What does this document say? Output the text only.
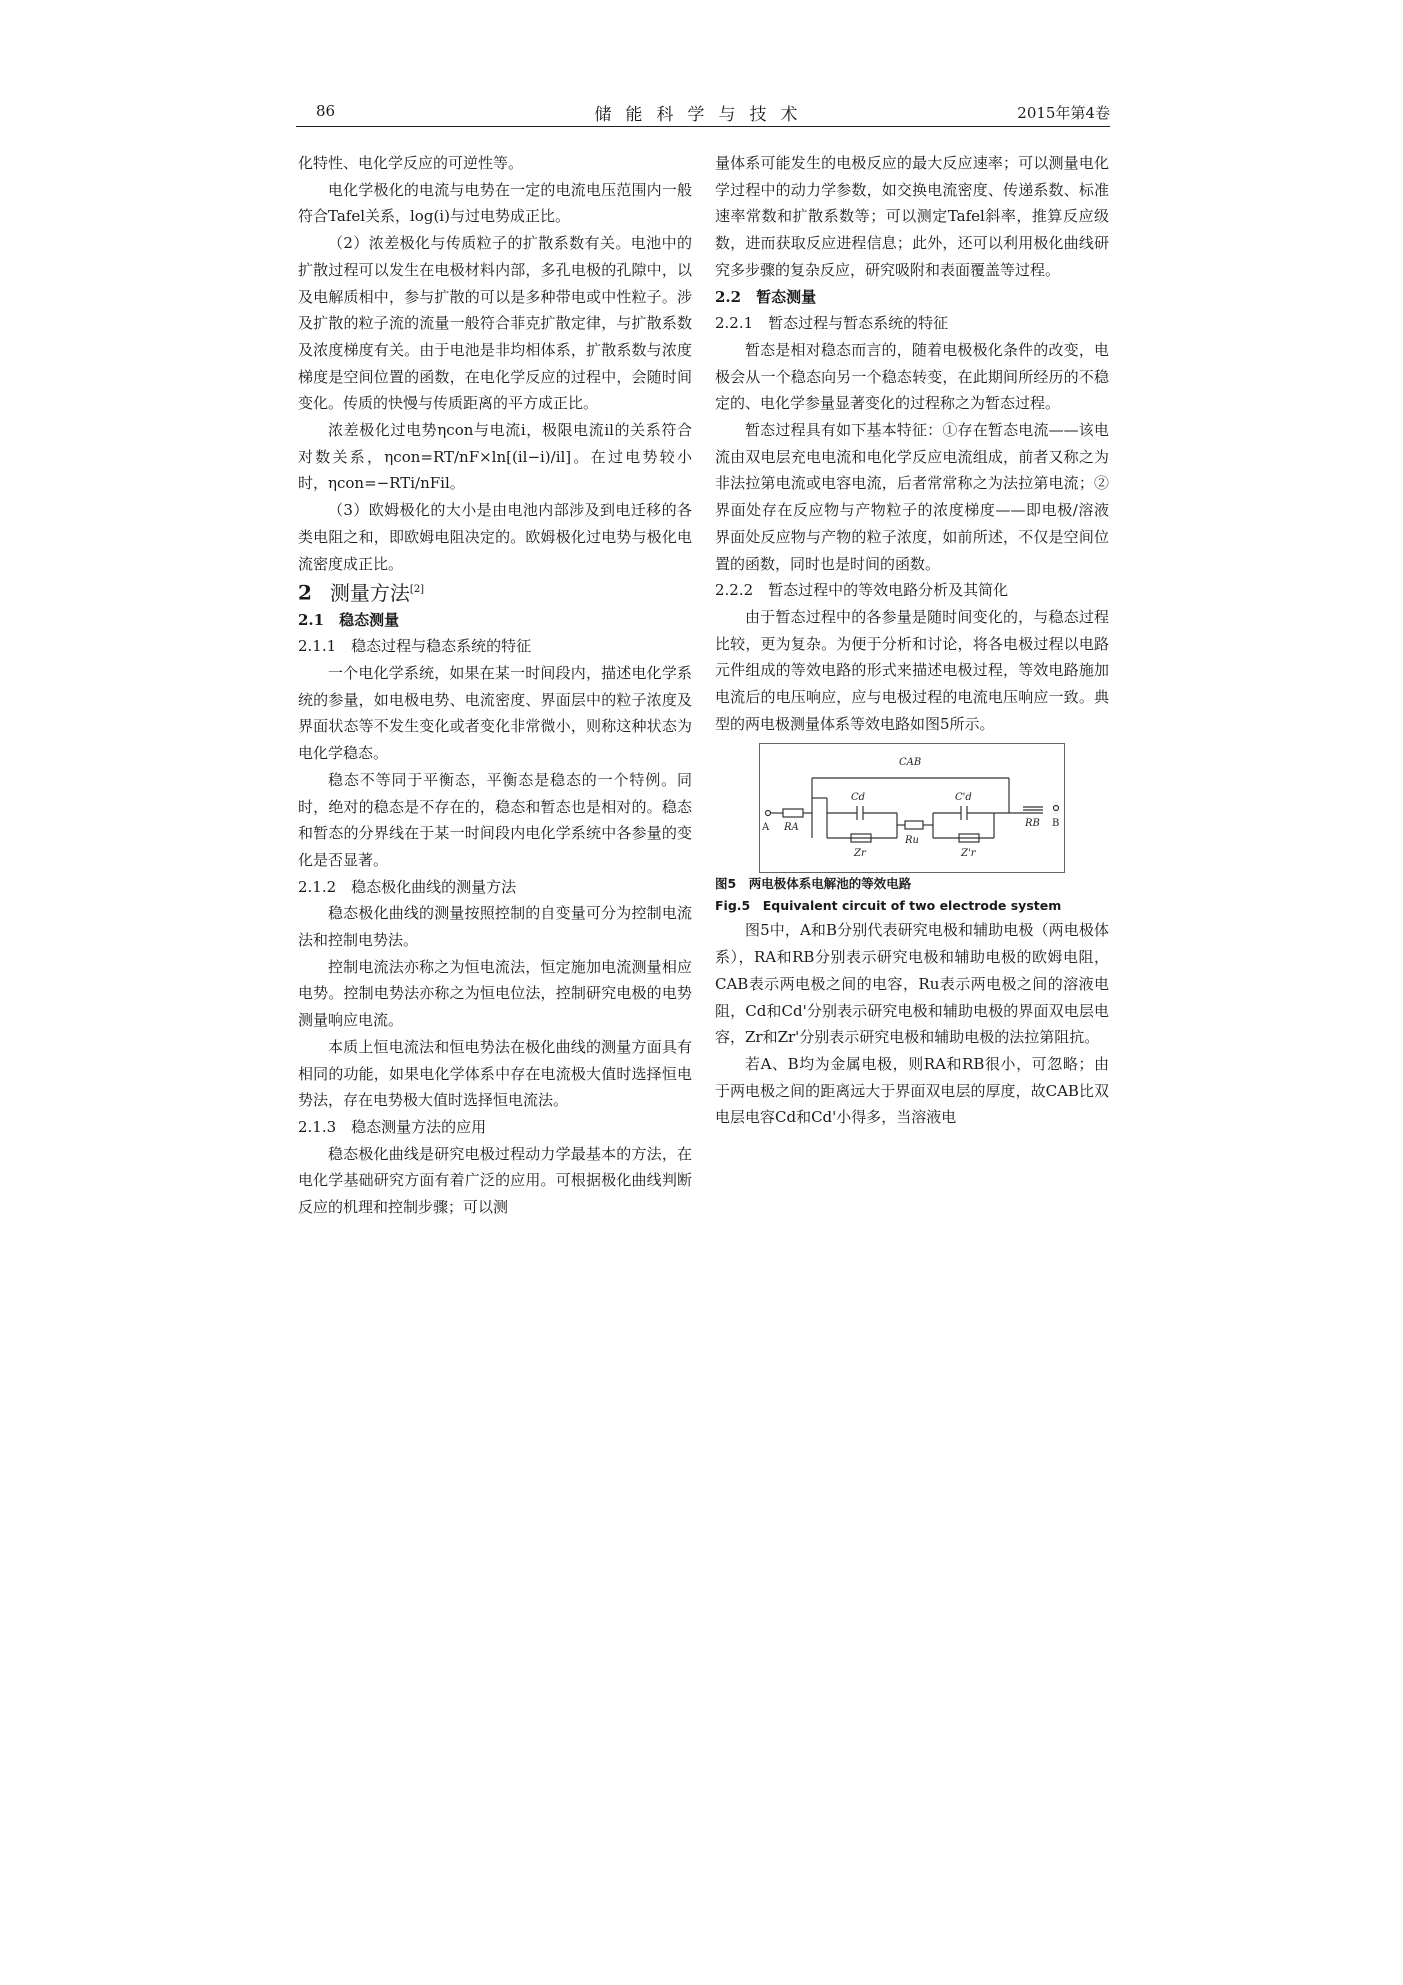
86	储能科学与技术	2015年第4卷

化特性、电化学反应的可逆性等。

电化学极化的电流与电势在一定的电流电压范围内一般符合Tafel关系，log(i)与过电势成正比。

（2）浓差极化与传质粒子的扩散系数有关。电池中的扩散过程可以发生在电极材料内部，多孔电极的孔隙中，以及电解质相中，参与扩散的可以是多种带电或中性粒子。涉及扩散的粒子流的流量一般符合菲克扩散定律，与扩散系数及浓度梯度有关。由于电池是非均相体系，扩散系数与浓度梯度是空间位置的函数，在电化学反应的过程中，会随时间变化。传质的快慢与传质距离的平方成正比。

浓差极化过电势ηcon与电流i，极限电流il的关系符合对数关系，ηcon=RT/nF×ln[(il−i)/il]。在过电势较小时，ηcon=−RTi/nFil。

（3）欧姆极化的大小是由电池内部涉及到电迁移的各类电阻之和，即欧姆电阻决定的。欧姆极化过电势与极化电流密度成正比。

2 测量方法[2]

2.1　稳态测量

2.1.1　稳态过程与稳态系统的特征

一个电化学系统，如果在某一时间段内，描述电化学系统的参量，如电极电势、电流密度、界面层中的粒子浓度及界面状态等不发生变化或者变化非常微小，则称这种状态为电化学稳态。

稳态不等同于平衡态，平衡态是稳态的一个特例。同时，绝对的稳态是不存在的，稳态和暂态也是相对的。稳态和暂态的分界线在于某一时间段内电化学系统中各参量的变化是否显著。

2.1.2　稳态极化曲线的测量方法

稳态极化曲线的测量按照控制的自变量可分为控制电流法和控制电势法。

控制电流法亦称之为恒电流法，恒定施加电流测量相应电势。控制电势法亦称之为恒电位法，控制研究电极的电势测量响应电流。

本质上恒电流法和恒电势法在极化曲线的测量方面具有相同的功能，如果电化学体系中存在电流极大值时选择恒电势法，存在电势极大值时选择恒电流法。

2.1.3　稳态测量方法的应用

稳态极化曲线是研究电极过程动力学最基本的方法，在电化学基础研究方面有着广泛的应用。可根据极化曲线判断反应的机理和控制步骤；可以测

量体系可能发生的电极反应的最大反应速率；可以测量电化学过程中的动力学参数，如交换电流密度、传递系数、标准速率常数和扩散系数等；可以测定Tafel斜率，推算反应级数，进而获取反应进程信息；此外，还可以利用极化曲线研究多步骤的复杂反应，研究吸附和表面覆盖等过程。

2.2　暂态测量

2.2.1　暂态过程与暂态系统的特征

暂态是相对稳态而言的，随着电极极化条件的改变，电极会从一个稳态向另一个稳态转变，在此期间所经历的不稳定的、电化学参量显著变化的过程称之为暂态过程。

暂态过程具有如下基本特征：①存在暂态电流——该电流由双电层充电电流和电化学反应电流组成，前者又称之为非法拉第电流或电容电流，后者常常称之为法拉第电流；②界面处存在反应物与产物粒子的浓度梯度——即电极/溶液界面处反应物与产物的粒子浓度，如前所述，不仅是空间位置的函数，同时也是时间的函数。

2.2.2　暂态过程中的等效电路分析及其简化

由于暂态过程中的各参量是随时间变化的，与稳态过程比较，更为复杂。为便于分析和讨论，将各电极过程以电路元件组成的等效电路的形式来描述电极过程，等效电路施加电流后的电压响应，应与电极过程的电流电压响应一致。典型的两电极测量体系等效电路如图5所示。

CAB
Cd	C'd
A RA
Ru
Zr	Z'r
RB B

图5　两电极体系电解池的等效电路

Fig.5　Equivalent circuit of two electrode system

图5中，A和B分别代表研究电极和辅助电极（两电极体系），RA和RB分别表示研究电极和辅助电极的欧姆电阻，CAB表示两电极之间的电容，Ru表示两电极之间的溶液电阻，Cd和Cd'分别表示研究电极和辅助电极的界面双电层电容，Zr和Zr'分别表示研究电极和辅助电极的法拉第阻抗。

若A、B均为金属电极，则RA和RB很小，可忽略；由于两电极之间的距离远大于界面双电层的厚度，故CAB比双电层电容Cd和Cd'小得多，当溶液电
